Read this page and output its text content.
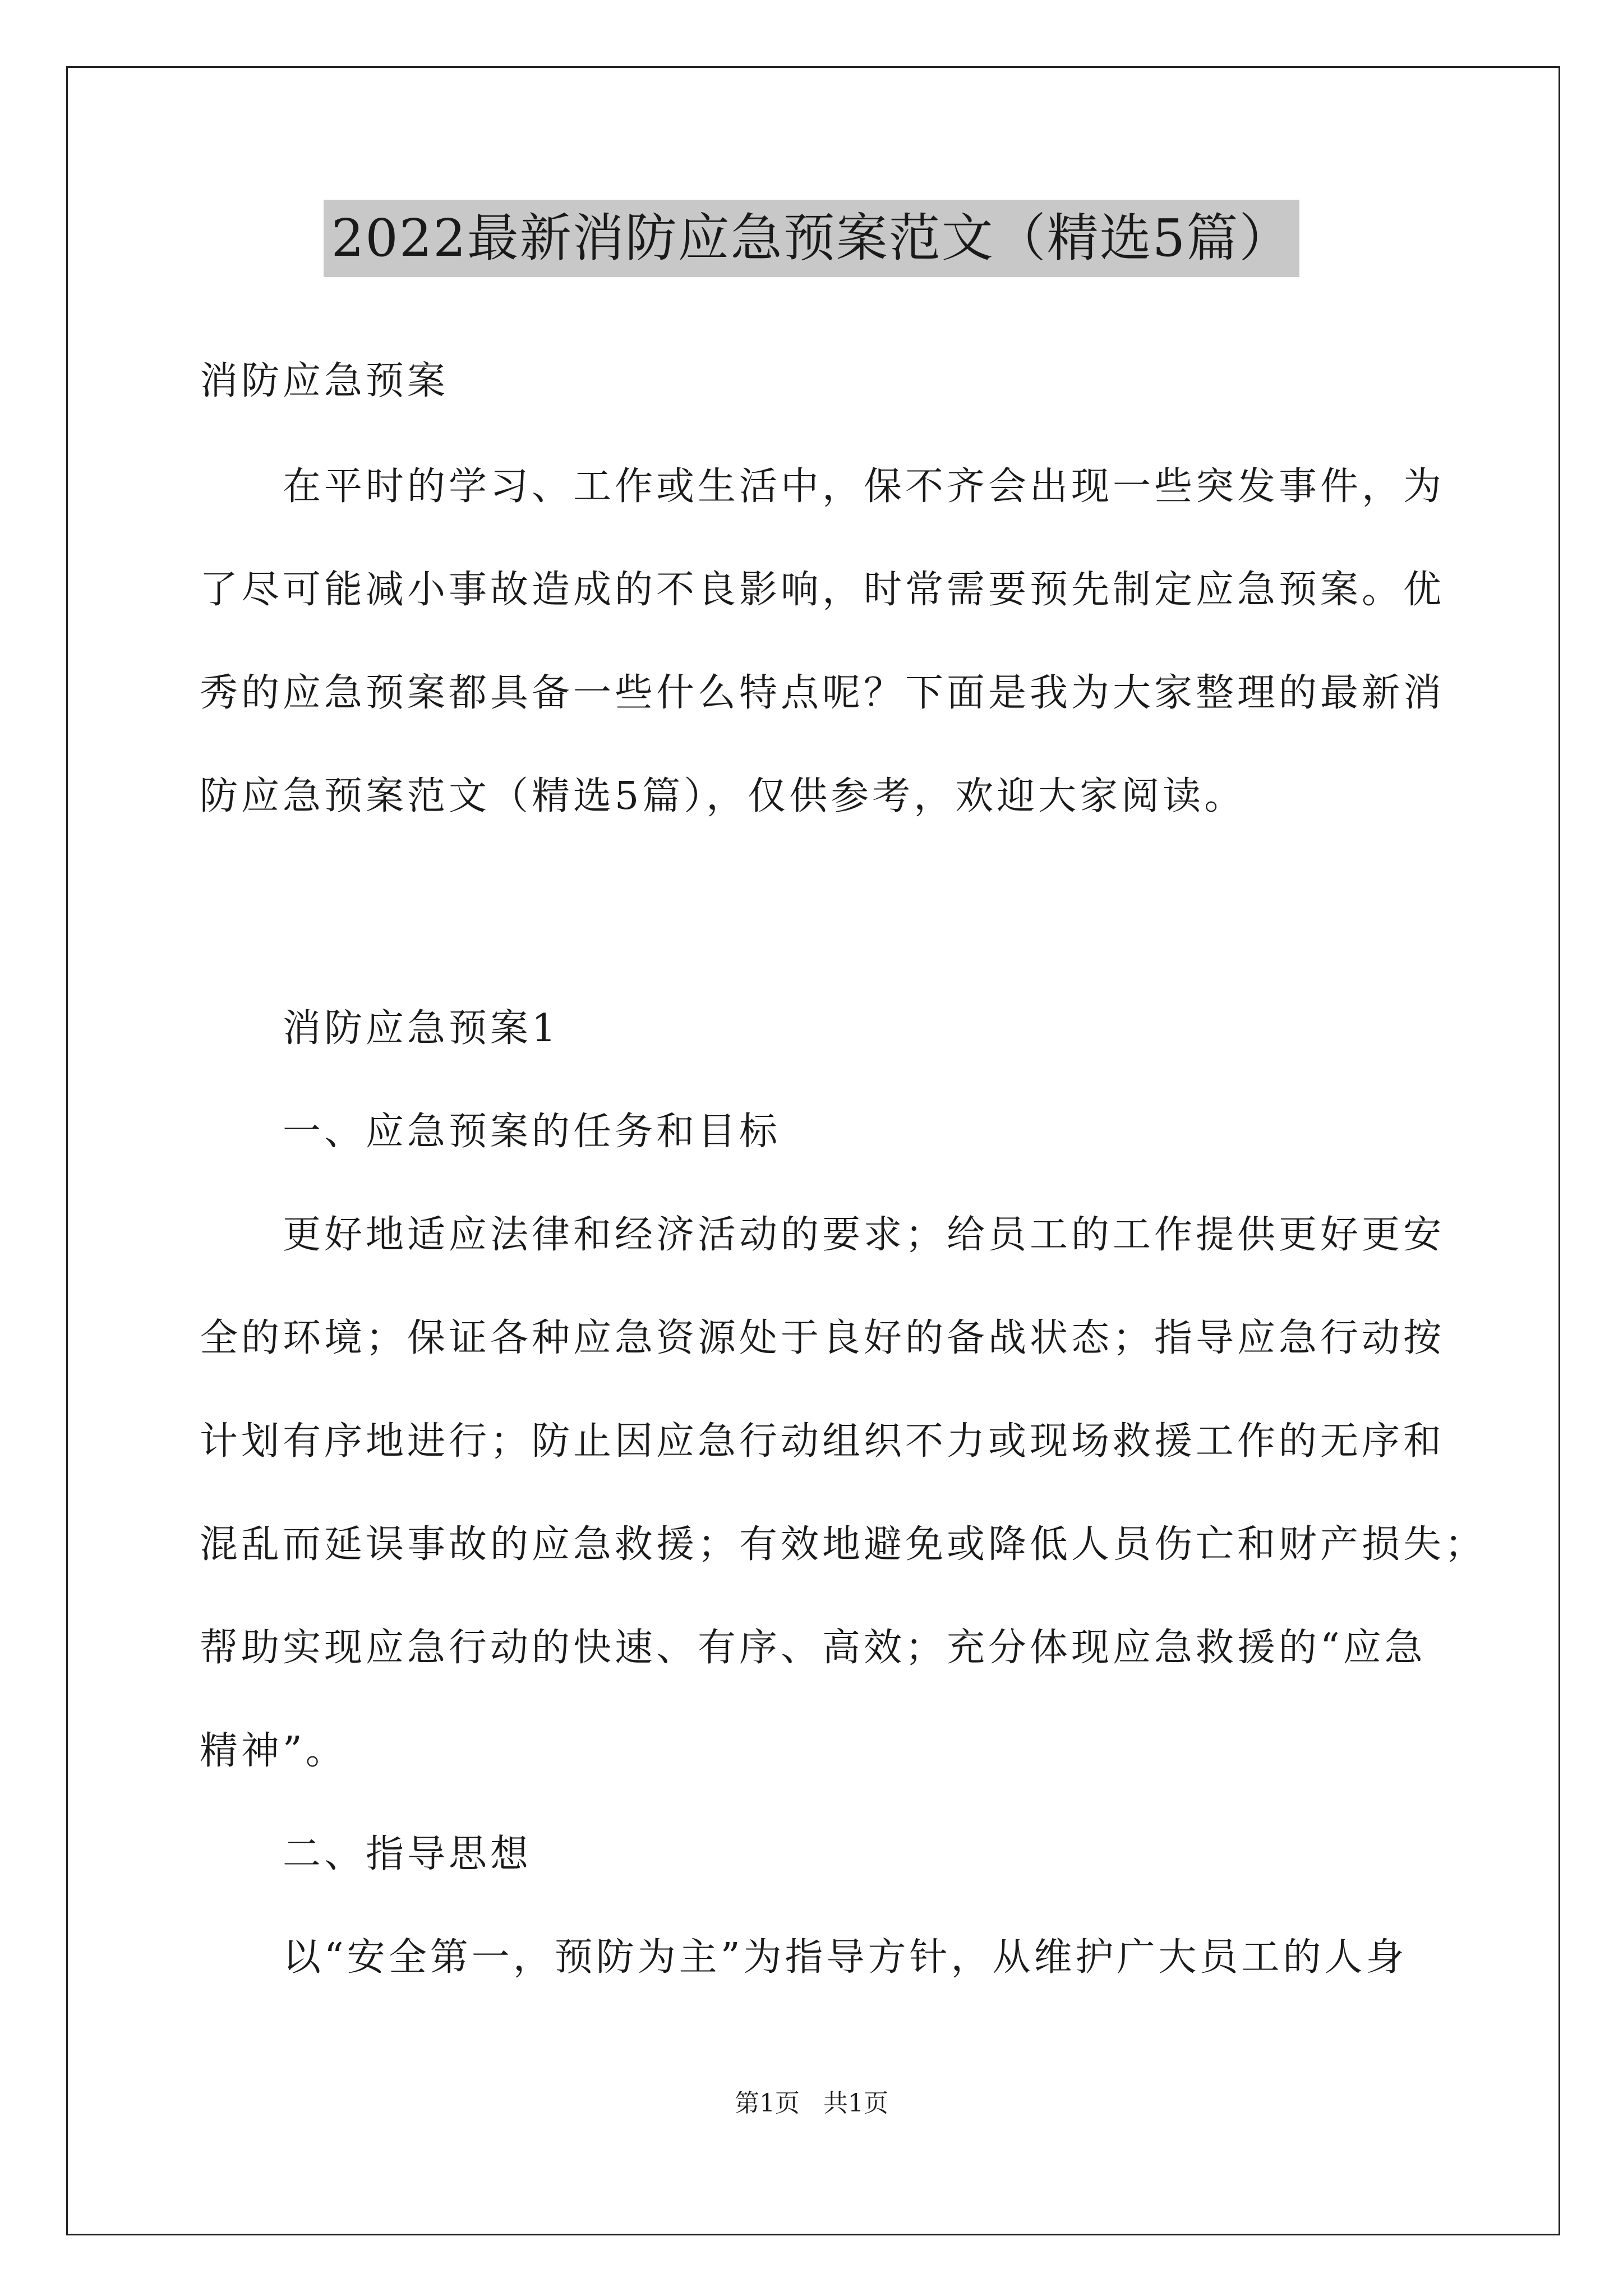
2022最新消防应急预案范文（精选5篇）

消防应急预案

在平时的学习、工作或生活中，保不齐会出现一些突发事件，为

了尽可能减小事故造成的不良影响，时常需要预先制定应急预案。优

秀的应急预案都具备一些什么特点呢？下面是我为大家整理的最新消

防应急预案范文（精选5篇），仅供参考，欢迎大家阅读。

消防应急预案1

一、应急预案的任务和目标

更好地适应法律和经济活动的要求；给员工的工作提供更好更安

全的环境；保证各种应急资源处于良好的备战状态；指导应急行动按

计划有序地进行；防止因应急行动组织不力或现场救援工作的无序和

混乱而延误事故的应急救援；有效地避免或降低人员伤亡和财产损失；

帮助实现应急行动的快速、有序、高效；充分体现应急救援的“应急

精神”。

二、指导思想

以“安全第一，预防为主”为指导方针，从维护广大员工的人身

第1页   共1页
